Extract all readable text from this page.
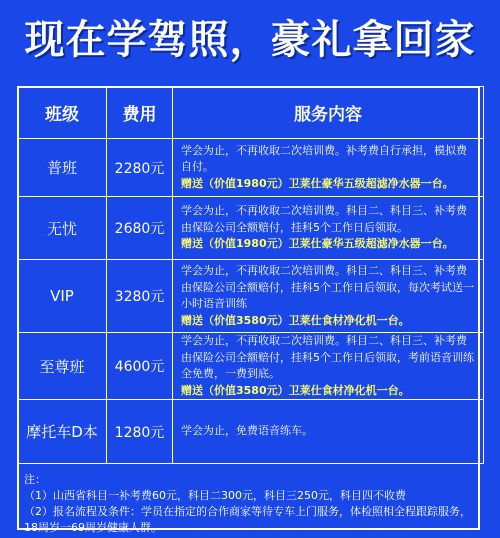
现在学驾照，豪礼拿回家
班级	费用	服务内容
普班	2280元	学会为止，不再收取二次培训费。补考费自行承担，模拟费自付。
赠送（价值1980元）卫莱仕豪华五级超滤净水器一台。

无忧	2680元	学会为止，不再收取二次培训费。科目二、科目三、补考费由保险公司全额赔付，挂科5个工作日后领取。
赠送（价值1980元）卫莱仕豪华五级超滤净水器一台。

VIP	3280元	学会为止，不再收取二次培训费。科目二、科目三、补考费由保险公司全额赔付，挂科5个工作日后领取，每次考试送一小时语音训练
赠送（价值3580元）卫莱仕食材净化机一台。

至尊班	4600元	学会为止，不再收取二次培训费。科目二、科目三、补考费由保险公司全额赔付，挂科5个工作日后领取，考前语音训练全免费，一费到底。
赠送（价值3580元）卫莱仕食材净化机一台。

摩托车D本	1280元	学会为止，免费语音练车。
注：
（1）山西省科目一补考费60元，科目二300元，科目三250元，科目四不收费
（2）报名流程及条件：学员在指定的合作商家等待专车上门服务，体检照相全程跟踪服务，18周岁一69周岁健康人群。
